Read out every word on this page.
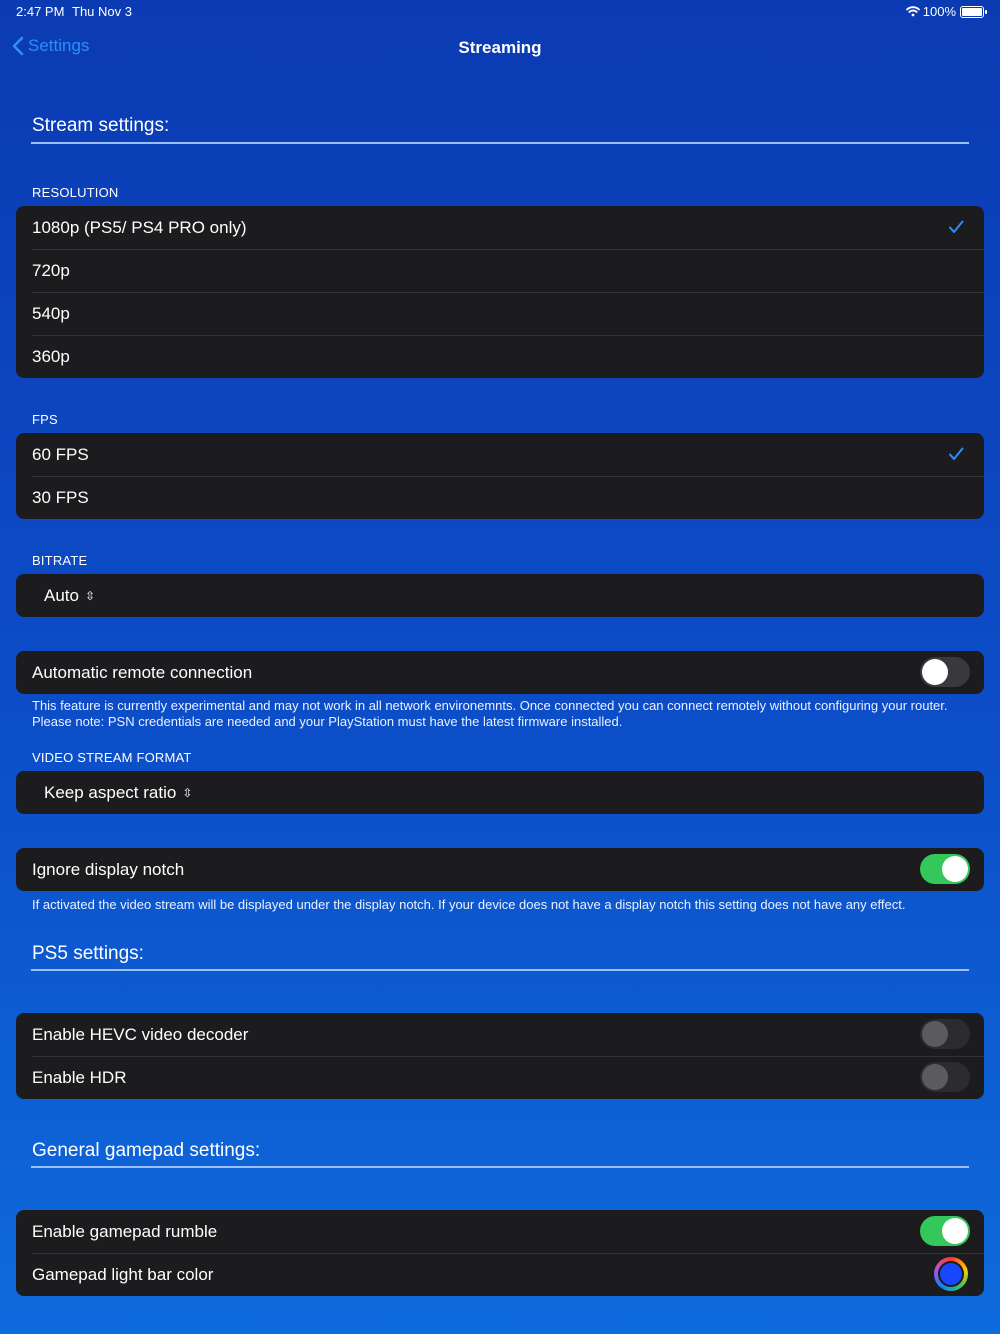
2:47 PM Thu Nov 3	100%
Settings	Streaming
Stream settings:
RESOLUTION
1080p (PS5/ PS4 PRO only)
720p
540p
360p
FPS
60 FPS
30 FPS
BITRATE
Auto ⇳
Automatic remote connection
This feature is currently experimental and may not work in all network environemnts. Once connected you can connect remotely without configuring your router. Please note: PSN credentials are needed and your PlayStation must have the latest firmware installed.
VIDEO STREAM FORMAT
Keep aspect ratio ⇳
Ignore display notch
If activated the video stream will be displayed under the display notch. If your device does not have a display notch this setting does not have any effect.
PS5 settings:
Enable HEVC video decoder
Enable HDR
General gamepad settings:
Enable gamepad rumble
Gamepad light bar color
